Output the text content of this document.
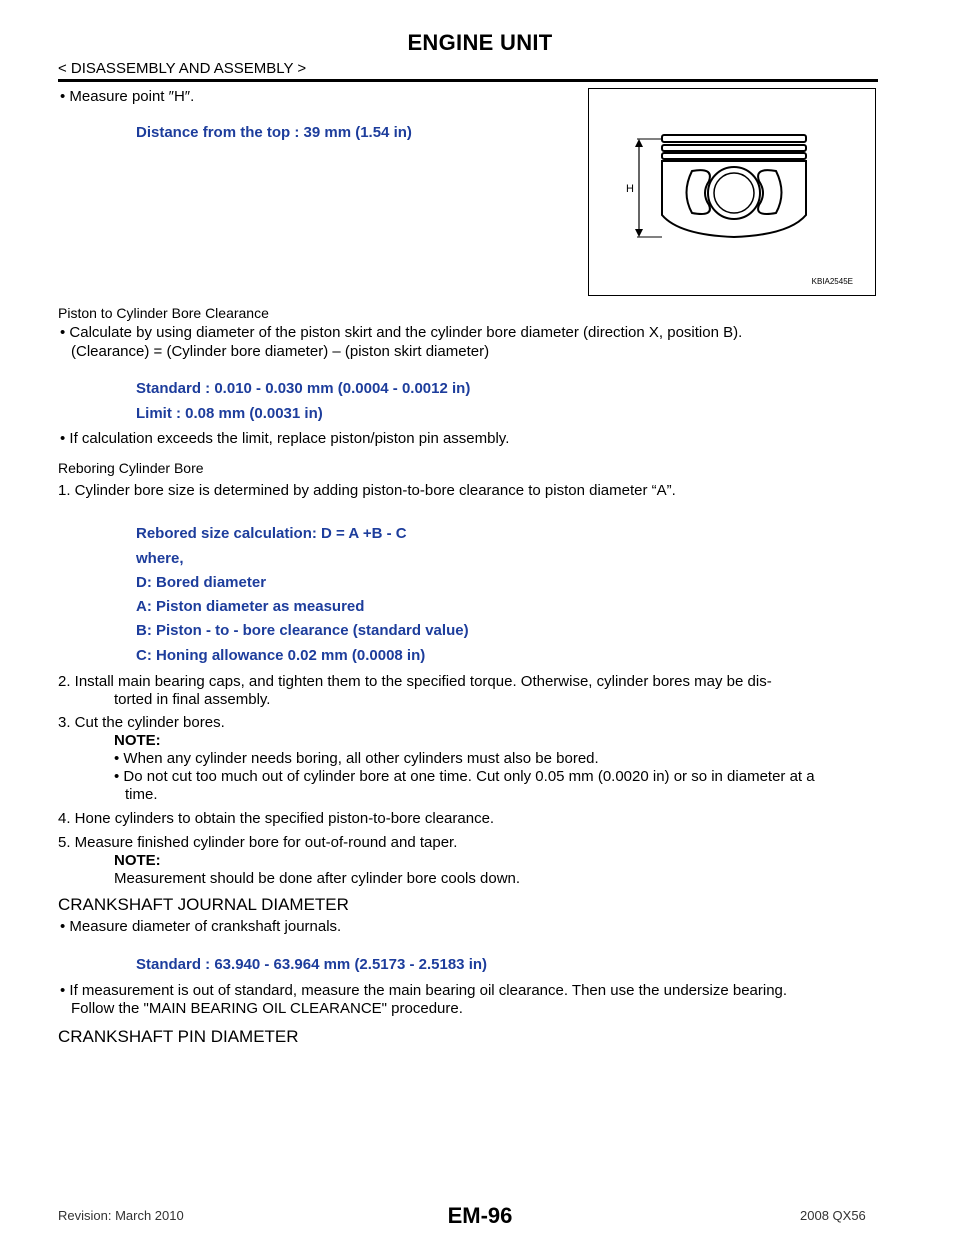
ENGINE UNIT
< DISASSEMBLY AND ASSEMBLY >
H
KBIA2545E
• Measure point ″H″.
Distance from the top : 39 mm (1.54 in)
Piston to Cylinder Bore Clearance
• Calculate by using diameter of the piston skirt and the cylinder bore diameter (direction X, position B).
(Clearance) = (Cylinder bore diameter) – (piston skirt diameter)
Standard : 0.010 - 0.030 mm (0.0004 - 0.0012 in)
Limit : 0.08 mm (0.0031 in)
• If calculation exceeds the limit, replace piston/piston pin assembly.
Reboring Cylinder Bore
1. Cylinder bore size is determined by adding piston-to-bore clearance to piston diameter “A”.
Rebored size calculation: D = A +B - C
where,
D: Bored diameter
A: Piston diameter as measured
B: Piston - to - bore clearance (standard value)
C: Honing allowance 0.02 mm (0.0008 in)
2. Install main bearing caps, and tighten them to the specified torque. Otherwise, cylinder bores may be dis-
torted in final assembly.
3. Cut the cylinder bores.
NOTE:
• When any cylinder needs boring, all other cylinders must also be bored.
• Do not cut too much out of cylinder bore at one time. Cut only 0.05 mm (0.0020 in) or so in diameter at a
time.
4. Hone cylinders to obtain the specified piston-to-bore clearance.
5. Measure finished cylinder bore for out-of-round and taper.
NOTE:
Measurement should be done after cylinder bore cools down.
CRANKSHAFT JOURNAL DIAMETER
• Measure diameter of crankshaft journals.
Standard : 63.940 - 63.964 mm (2.5173 - 2.5183 in)
• If measurement is out of standard, measure the main bearing oil clearance. Then use the undersize bearing.
Follow the "MAIN BEARING OIL CLEARANCE" procedure.
CRANKSHAFT PIN DIAMETER
Revision: March 2010	EM-96	2008 QX56
